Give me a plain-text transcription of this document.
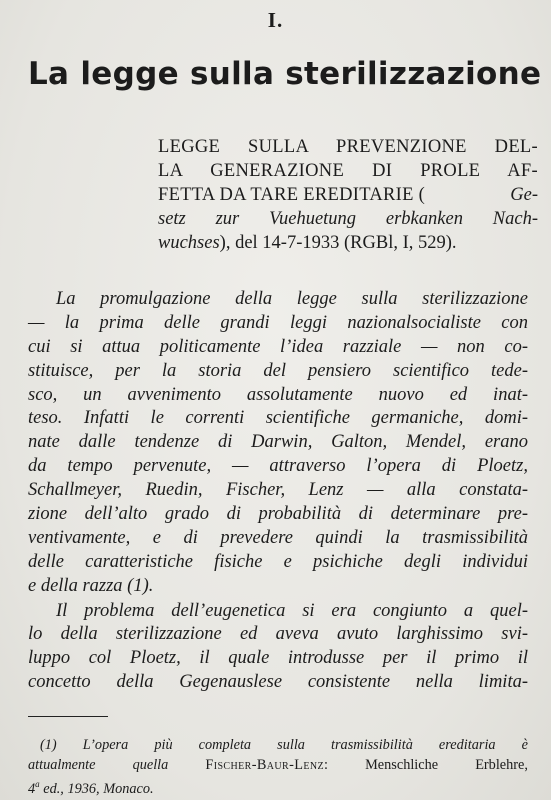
I.
La legge sulla sterilizzazione
LEGGE SULLA PREVENZIONE DEL-
LA GENERAZIONE DI PROLE AF-
FETTA DA TARE EREDITARIE (	Ge-
setz zur Vuehuetung erbkanken Nach-
wuchses), del 14-7-1933 (RGBl, I, 529).
La promulgazione della legge sulla sterilizzazione
— la prima delle grandi leggi nazionalsocialiste con
cui si attua politicamente l’idea razziale — non co-
stituisce, per la storia del pensiero scientifico tede-
sco, un avvenimento assolutamente nuovo ed inat-
teso. Infatti le correnti scientifiche germaniche, domi-
nate dalle tendenze di Darwin, Galton, Mendel, erano
da tempo pervenute, — attraverso l’opera di Ploetz,
Schallmeyer, Ruedin, Fischer, Lenz — alla constata-
zione dell’alto grado di probabilità di determinare pre-
ventivamente, e di prevedere quindi la trasmissibilità
delle caratteristiche fisiche e psichiche degli individui
e della razza (1).
Il problema dell’eugenetica si era congiunto a quel-
lo della sterilizzazione ed aveva avuto larghissimo svi-
luppo col Ploetz, il quale introdusse per il primo il
concetto della Gegenauslese consistente nella limita-
(1) L’opera più completa sulla trasmissibilità ereditaria è
attualmente quella Fischer-Baur-Lenz: Menschliche Erblehre,
4$^a$ ed., 1936, Monaco.
